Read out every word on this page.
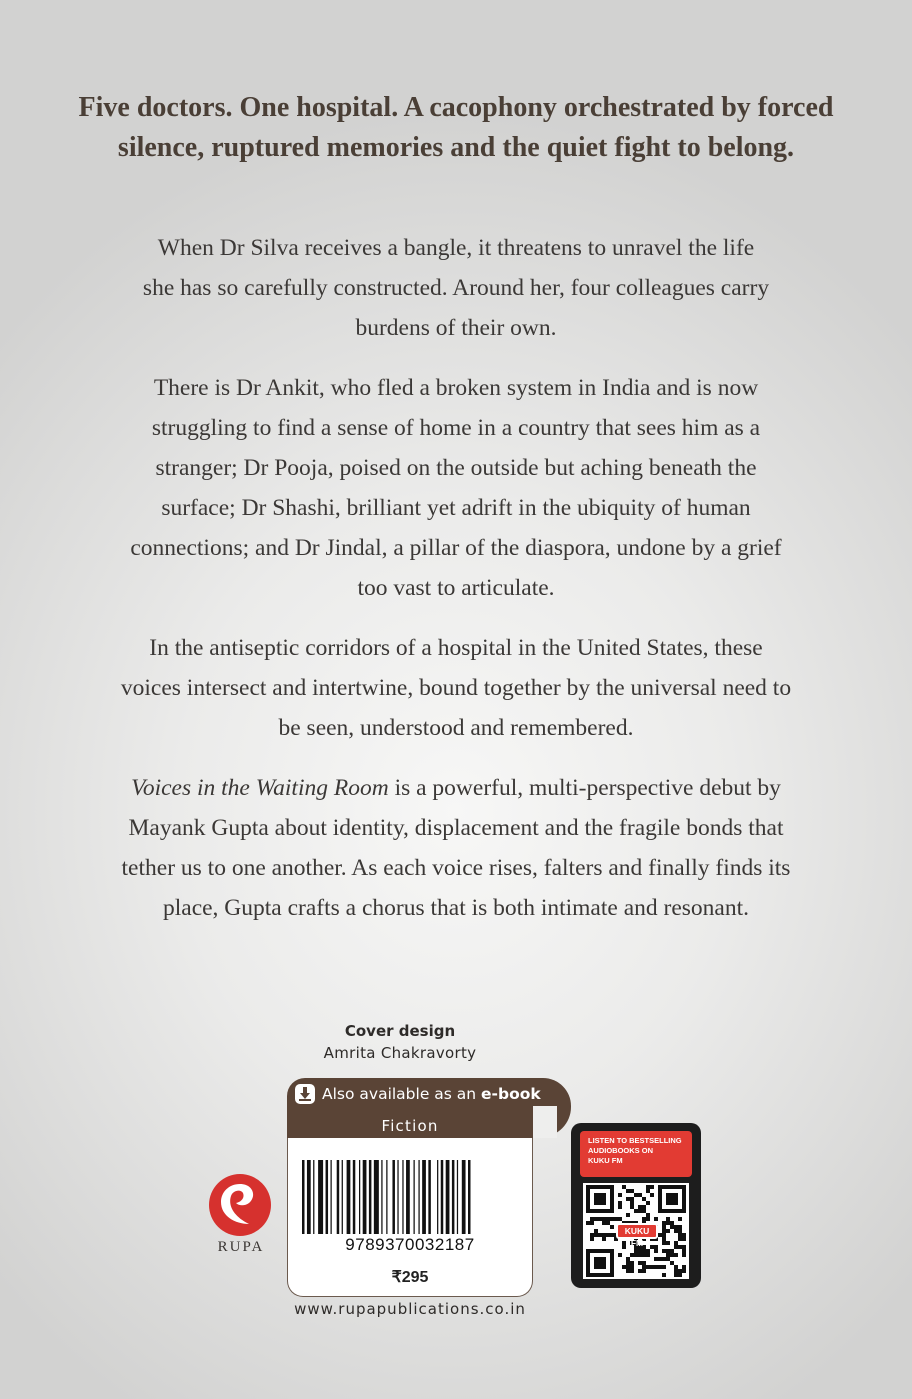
Five doctors. One hospital. A cacophony orchestrated by forced
silence, ruptured memories and the quiet fight to belong.

When Dr Silva receives a bangle, it threatens to unravel the life
she has so carefully constructed. Around her, four colleagues carry
burdens of their own.

There is Dr Ankit, who fled a broken system in India and is now
struggling to find a sense of home in a country that sees him as a
stranger; Dr Pooja, poised on the outside but aching beneath the
surface; Dr Shashi, brilliant yet adrift in the ubiquity of human
connections; and Dr Jindal, a pillar of the diaspora, undone by a grief
too vast to articulate.

In the antiseptic corridors of a hospital in the United States, these
voices intersect and intertwine, bound together by the universal need to
be seen, understood and remembered.

Voices in the Waiting Room is a powerful, multi-perspective debut by
Mayank Gupta about identity, displacement and the fragile bonds that
tether us to one another. As each voice rises, falters and finally finds its
place, Gupta crafts a chorus that is both intimate and resonant.

Cover design
Amrita Chakravorty
RUPA
Also available as an e-book
Fiction
9789370032187
₹295
www.rupapublications.co.in
LISTEN TO BESTSELLING
AUDIOBOOKS ON
KUKU FM
KUKU FM
